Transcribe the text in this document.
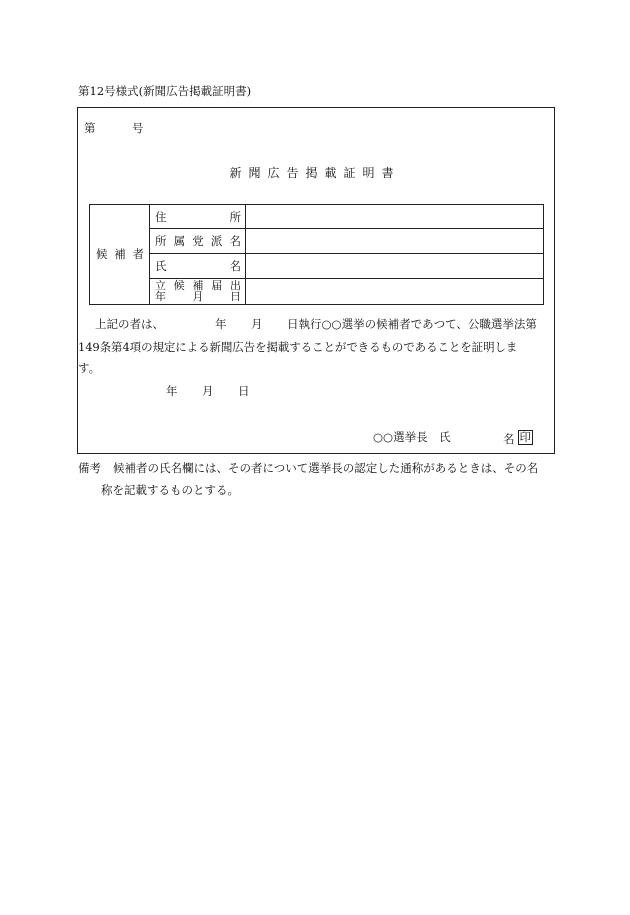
第12号様式(新聞広告掲載証明書)
第	号
新聞広告掲載証明書
候 補 者
住	所
所 属 党 派 名
氏	名
立 候 補 届 出
年 月 日
上記の者は、	年 月 日執行○○選挙の候補者であつて、公職選挙法第
149条第4項の規定による新聞広告を掲載することができるものであることを証明しま
す。
年 月 日
○○選挙長　氏	名 印
備考 候補者の氏名欄には、その者について選挙長の認定した通称があるときは、その名
称を記載するものとする。
